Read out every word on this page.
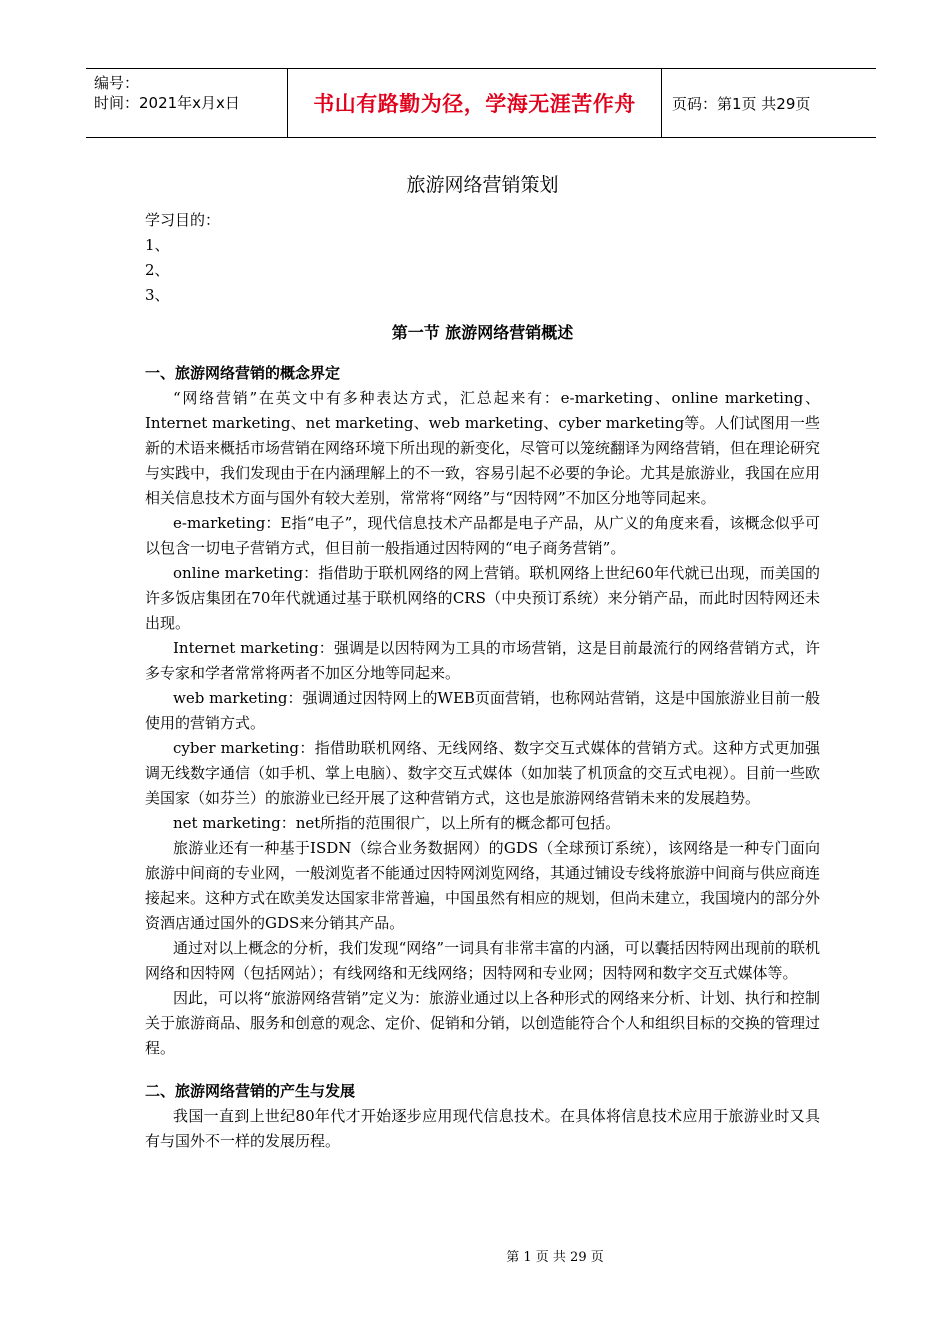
编号：
时间：2021年x月x日	书山有路勤为径，学海无涯苦作舟	页码：第1页 共29页
旅游网络营销策划

学习目的：

1、

2、

3、

第一节 旅游网络营销概述

一、旅游网络营销的概念界定

“网络营销”在英文中有多种表达方式，汇总起来有：e-marketing、online marketing、Internet marketing、net marketing、web marketing、cyber marketing等。人们试图用一些新的术语来概括市场营销在网络环境下所出现的新变化，尽管可以笼统翻译为网络营销，但在理论研究与实践中，我们发现由于在内涵理解上的不一致，容易引起不必要的争论。尤其是旅游业，我国在应用相关信息技术方面与国外有较大差别，常常将“网络”与“因特网”不加区分地等同起来。

e-marketing：E指“电子”，现代信息技术产品都是电子产品，从广义的角度来看，该概念似乎可以包含一切电子营销方式，但目前一般指通过因特网的“电子商务营销”。

online marketing：指借助于联机网络的网上营销。联机网络上世纪60年代就已出现，而美国的许多饭店集团在70年代就通过基于联机网络的CRS（中央预订系统）来分销产品，而此时因特网还未出现。

Internet marketing：强调是以因特网为工具的市场营销，这是目前最流行的网络营销方式，许多专家和学者常常将两者不加区分地等同起来。

web marketing：强调通过因特网上的WEB页面营销，也称网站营销，这是中国旅游业目前一般使用的营销方式。

cyber marketing：指借助联机网络、无线网络、数字交互式媒体的营销方式。这种方式更加强调无线数字通信（如手机、掌上电脑）、数字交互式媒体（如加装了机顶盒的交互式电视）。目前一些欧美国家（如芬兰）的旅游业已经开展了这种营销方式，这也是旅游网络营销未来的发展趋势。

net marketing：net所指的范围很广，以上所有的概念都可包括。

旅游业还有一种基于ISDN（综合业务数据网）的GDS（全球预订系统），该网络是一种专门面向旅游中间商的专业网，一般浏览者不能通过因特网浏览网络，其通过铺设专线将旅游中间商与供应商连接起来。这种方式在欧美发达国家非常普遍，中国虽然有相应的规划，但尚未建立，我国境内的部分外资酒店通过国外的GDS来分销其产品。

通过对以上概念的分析，我们发现“网络”一词具有非常丰富的内涵，可以囊括因特网出现前的联机网络和因特网（包括网站）；有线网络和无线网络；因特网和专业网；因特网和数字交互式媒体等。

因此，可以将“旅游网络营销”定义为：旅游业通过以上各种形式的网络来分析、计划、执行和控制关于旅游商品、服务和创意的观念、定价、促销和分销，以创造能符合个人和组织目标的交换的管理过程。

二、旅游网络营销的产生与发展

我国一直到上世纪80年代才开始逐步应用现代信息技术。在具体将信息技术应用于旅游业时又具有与国外不一样的发展历程。

第 1 页 共 29 页
